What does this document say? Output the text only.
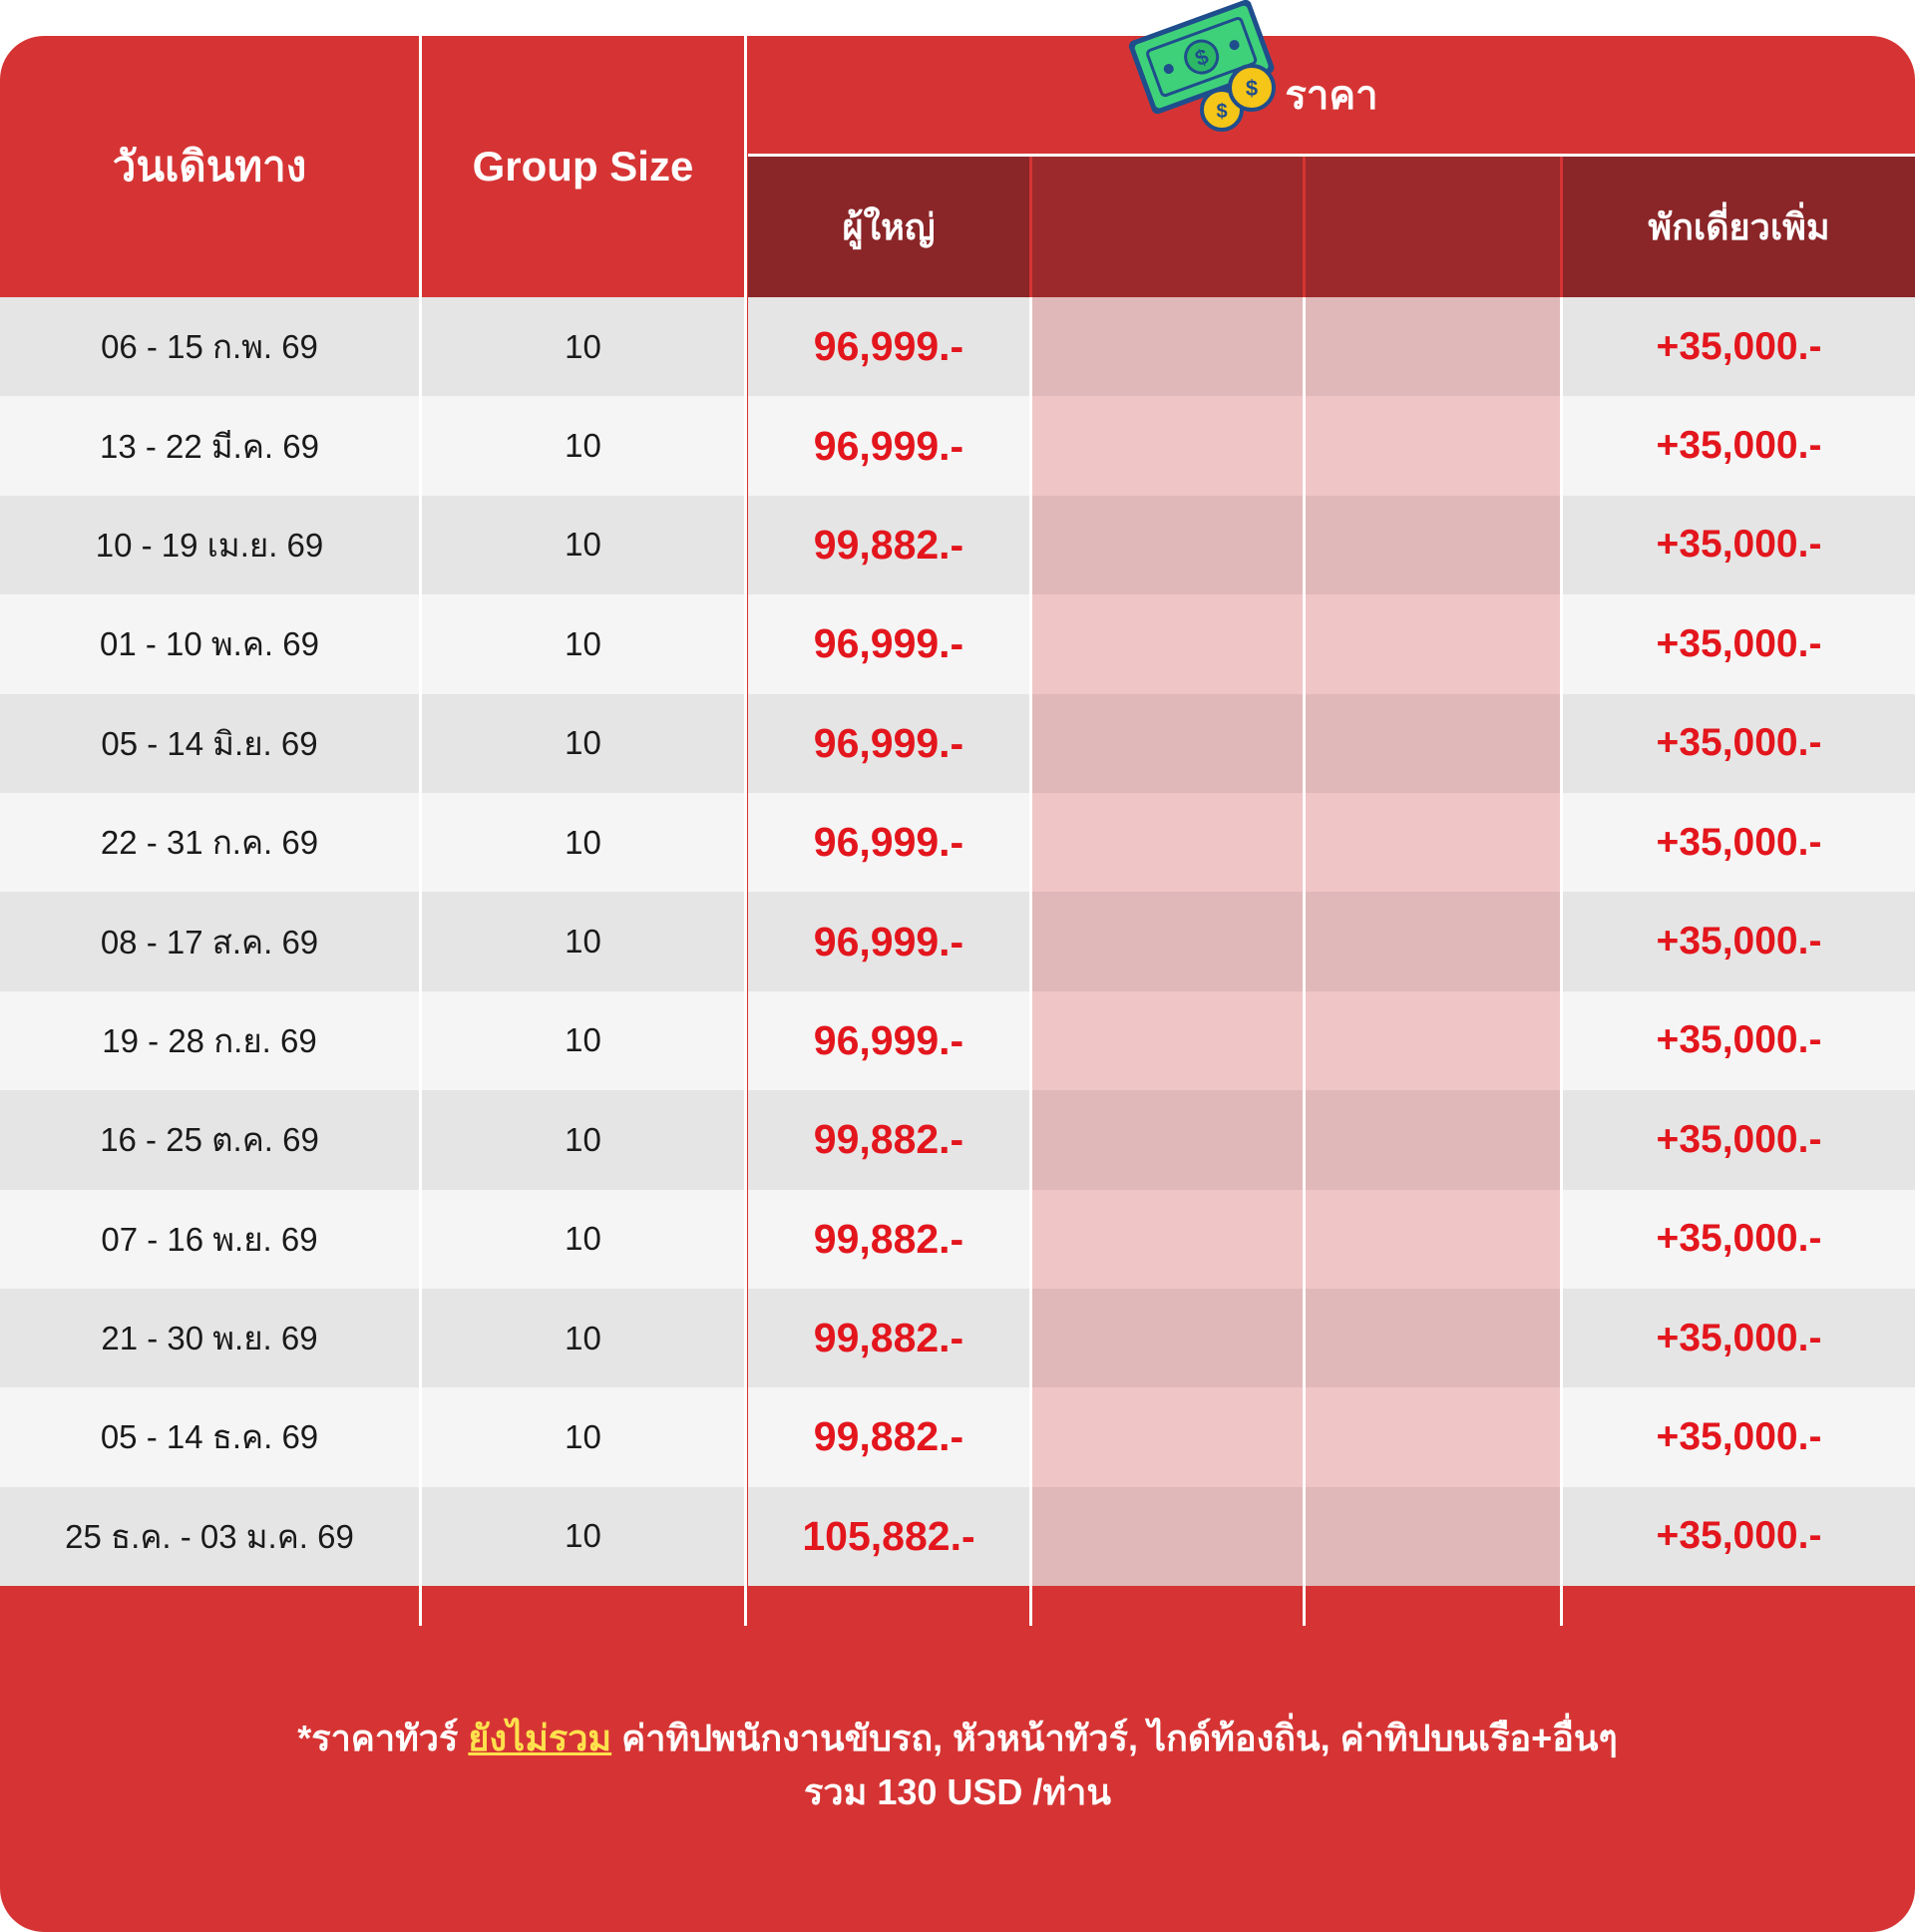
วันเดินทาง	Group Size
ราคา
ผู้ใหญ่	พักเดี่ยวเพิ่ม
06 - 15 ก.พ. 69	10	96,999.-	+35,000.-
13 - 22 มี.ค. 69	10	96,999.-	+35,000.-
10 - 19 เม.ย. 69	10	99,882.-	+35,000.-
01 - 10 พ.ค. 69	10	96,999.-	+35,000.-
05 - 14 มิ.ย. 69	10	96,999.-	+35,000.-
22 - 31 ก.ค. 69	10	96,999.-	+35,000.-
08 - 17 ส.ค. 69	10	96,999.-	+35,000.-
19 - 28 ก.ย. 69	10	96,999.-	+35,000.-
16 - 25 ต.ค. 69	10	99,882.-	+35,000.-
07 - 16 พ.ย. 69	10	99,882.-	+35,000.-
21 - 30 พ.ย. 69	10	99,882.-	+35,000.-
05 - 14 ธ.ค. 69	10	99,882.-	+35,000.-
25 ธ.ค. - 03 ม.ค. 69	10	105,882.-	+35,000.-
*ราคาทัวร์ ยังไม่รวม ค่าทิปพนักงานขับรถ, หัวหน้าทัวร์, ไกด์ท้องถิ่น, ค่าทิปบนเรือ+อื่นๆ
รวม 130 USD /ท่าน
$
$
$
